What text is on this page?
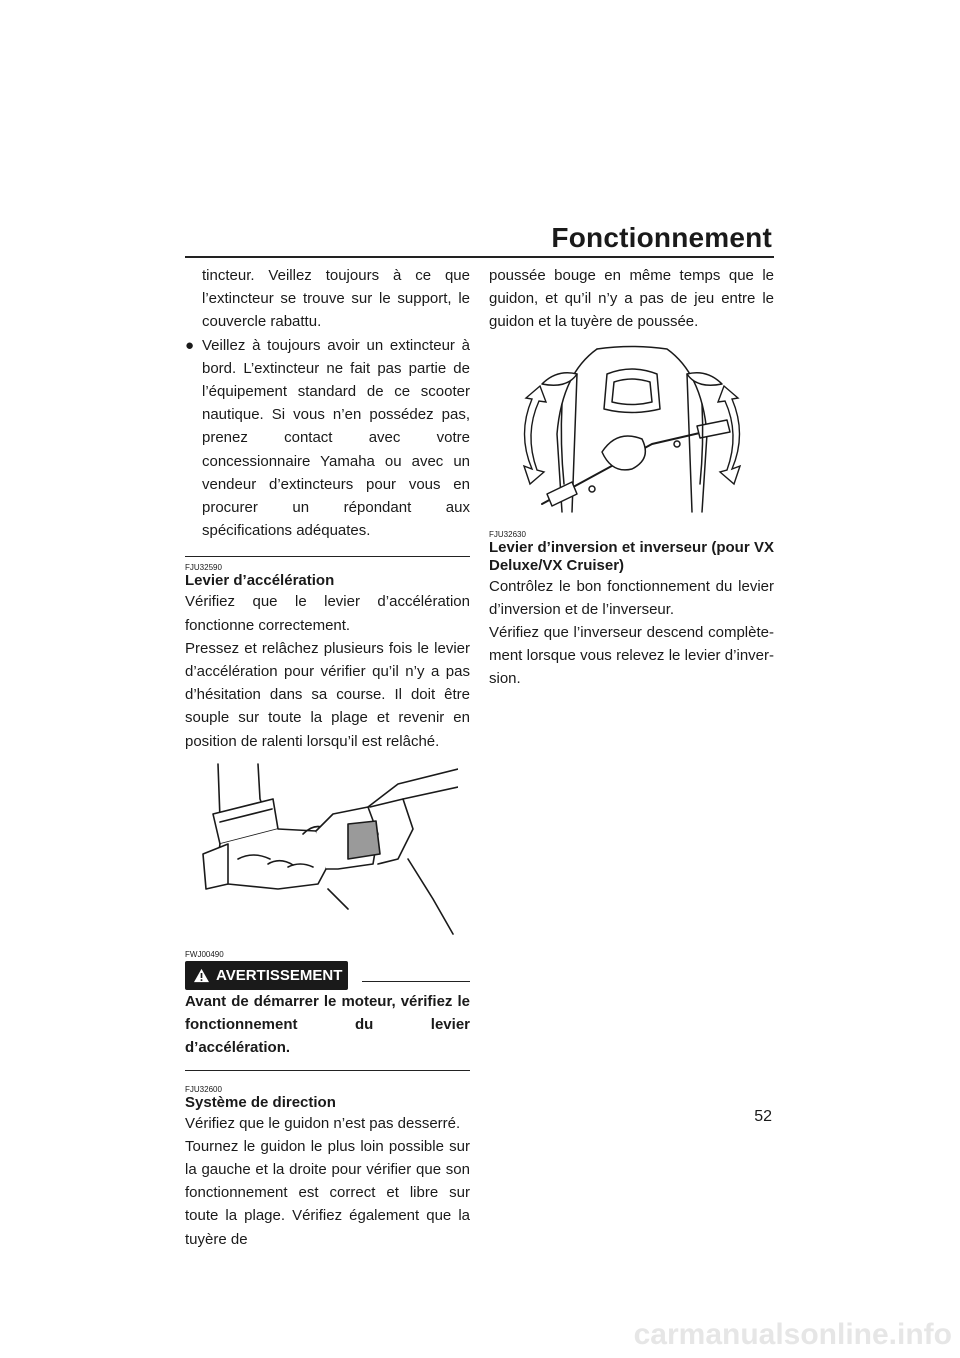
Fonctionnement

tincteur. Veillez toujours à ce que l’extincteur se trouve sur le support, le couvercle rabattu.

● Veillez à toujours avoir un extincteur à bord. L’extincteur ne fait pas partie de l’équipement standard de ce scooter nautique. Si vous n’en possédez pas, prenez contact avec votre concessionnaire Yamaha ou avec un vendeur d’extincteurs pour vous en procurer un répondant aux spécifications adéquates.

FJU32590

Levier d’accélération

Vérifiez que le levier d’accélération fonctionne correctement.

Pressez et relâchez plusieurs fois le levier d’accélération pour vérifier qu’il n’y a pas d’hésitation dans sa course. Il doit être souple sur toute la plage et revenir en position de ralenti lorsqu’il est relâché.

FWJ00490

AVERTISSEMENT

Avant de démarrer le moteur, vérifiez le fonctionnement du levier d’accélération.

FJU32600

Système de direction

Vérifiez que le guidon n’est pas desserré.

Tournez le guidon le plus loin possible sur la gauche et la droite pour vérifier que son fonctionnement est correct et libre sur toute la plage. Vérifiez également que la tuyère de

poussée bouge en même temps que le guidon, et qu’il n’y a pas de jeu entre le guidon et la tuyère de poussée.

FJU32630

Levier d’inversion et inverseur (pour VX Deluxe/VX Cruiser)

Contrôlez le bon fonctionnement du levier d’inversion et de l’inverseur.

Vérifiez que l’inverseur descend complètement lorsque vous relevez le levier d’inversion.

52
carmanualsonline.info
